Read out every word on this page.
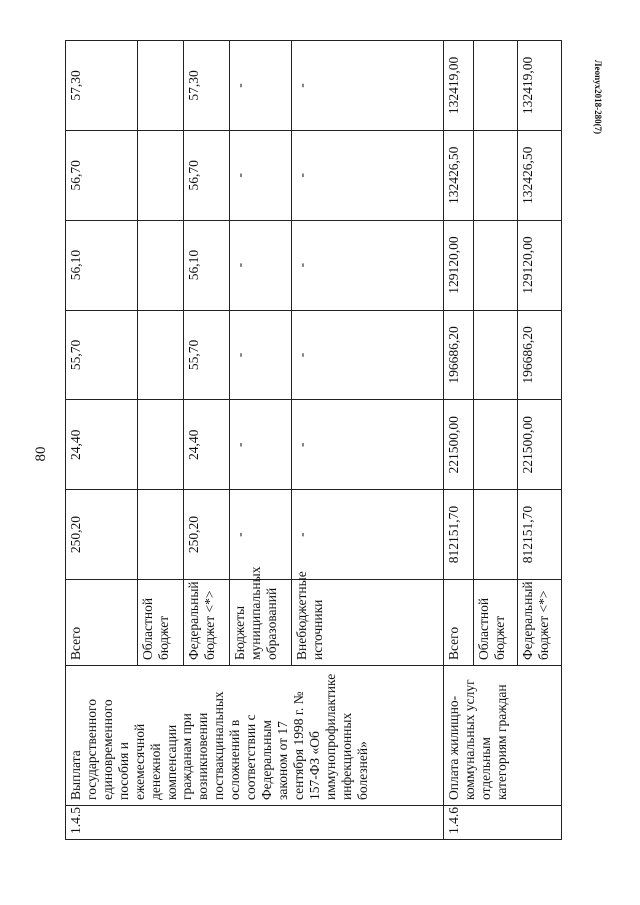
80
Леоnух2018-280(7)
1.4.5	Выплата государственного единовременного пособия и ежемесячной денежной компенсации гражданам при возникновении поствакцинальных осложнений в соответствии с Федеральным законом от 17 сентября 1998 г. № 157-ФЗ «Об иммунопрофилактике инфекционных болезней»	Всего	250,20	24,40	55,70	56,10	56,70	57,30
		Областной бюджет						
		Федеральный бюджет <*>	250,20	24,40	55,70	56,10	56,70	57,30
		Бюджеты муниципальных образований	-	-	-	-	-	-
		Внебюджетные источники	-	-	-	-	-	-
1.4.6	Оплата жилищно-коммунальных услуг отдельным категориям граждан	Всего	812151,70	221500,00	196686,20	129120,00	132426,50	132419,00
		Областной бюджет						
		Федеральный бюджет <*>	812151,70	221500,00	196686,20	129120,00	132426,50	132419,00
